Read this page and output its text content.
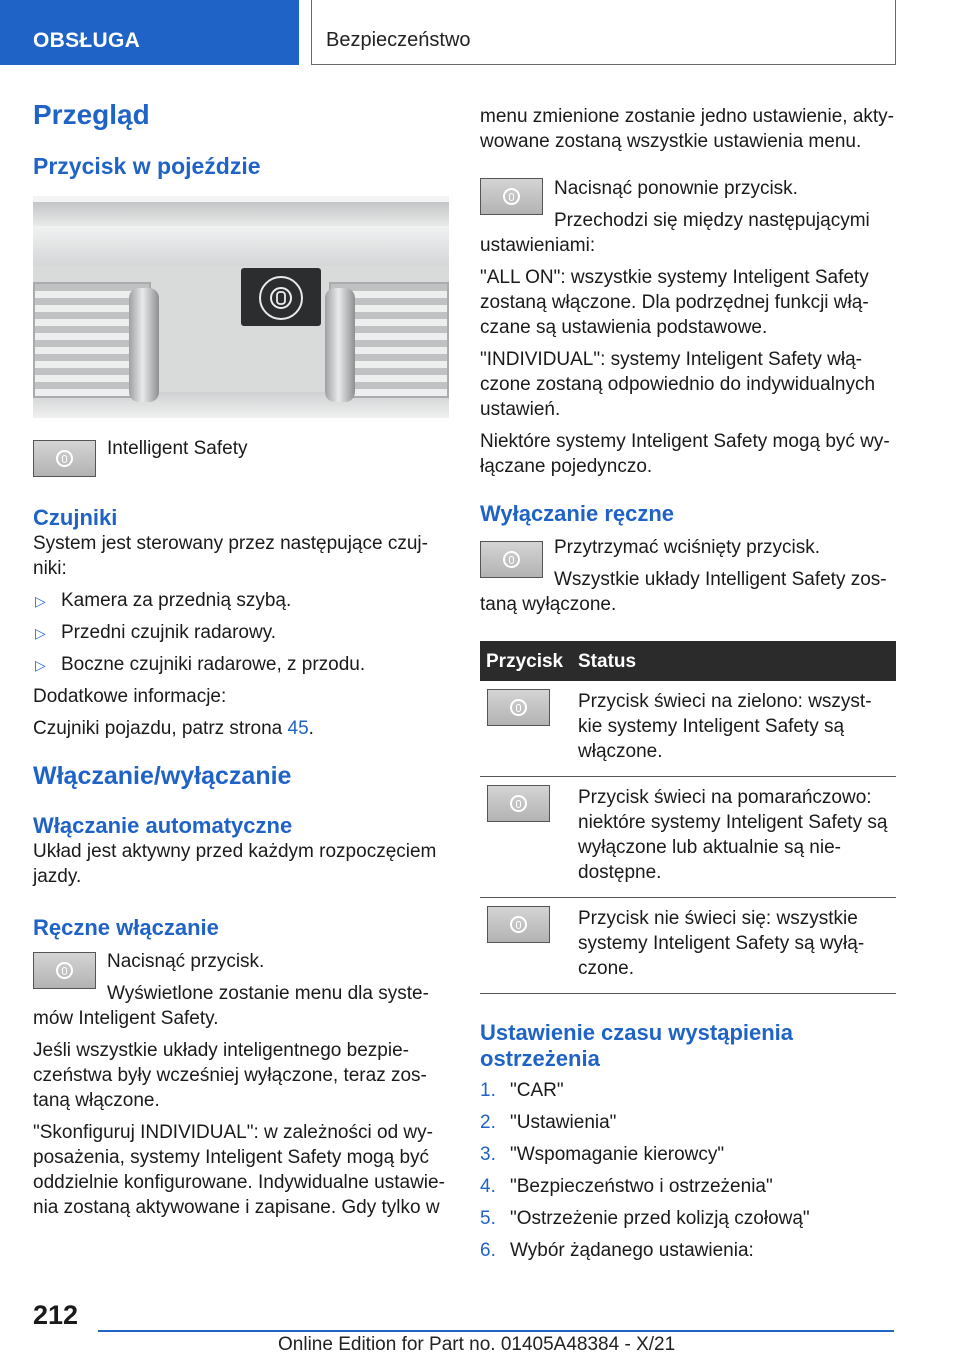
OBSŁUGA	Bezpieczeństwo
Przegląd
Przycisk w pojeździe

Intelligent Safety

Czujniki

System jest sterowany przez następujące czuj-niki:

▷ Kamera za przednią szybą.
▷ Przedni czujnik radarowy.
▷ Boczne czujniki radarowe, z przodu.

Dodatkowe informacje:

Czujniki pojazdu, patrz strona 45.

Włączanie/wyłączanie
Włączanie automatyczne

Układ jest aktywny przed każdym rozpoczęciem jazdy.

Ręczne włączanie

Nacisnąć przycisk.

Wyświetlone zostanie menu dla syste-mów Inteligent Safety.

Jeśli wszystkie układy inteligentnego bezpie-czeństwa były wcześniej wyłączone, teraz zos-taną włączone.

"Skonfiguruj INDIVIDUAL": w zależności od wy-posażenia, systemy Inteligent Safety mogą być oddzielnie konfigurowane. Indywidualne ustawie-nia zostaną aktywowane i zapisane. Gdy tylko w

menu zmienione zostanie jedno ustawienie, akty-wowane zostaną wszystkie ustawienia menu.

Nacisnąć ponownie przycisk.

Przechodzi się między następującymi ustawieniami:

"ALL ON": wszystkie systemy Inteligent Safety zostaną włączone. Dla podrzędnej funkcji włą-czane są ustawienia podstawowe.

"INDIVIDUAL": systemy Inteligent Safety włą-czone zostaną odpowiednio do indywidualnych ustawień.

Niektóre systemy Inteligent Safety mogą być wy-łączane pojedynczo.

Wyłączanie ręczne

Przytrzymać wciśnięty przycisk.

Wszystkie układy Intelligent Safety zos-taną wyłączone.

Przycisk	Status

	Przycisk świeci na zielono: wszyst-kie systemy Inteligent Safety są włączone.

	Przycisk świeci na pomarańczowo: niektóre systemy Inteligent Safety są wyłączone lub aktualnie są nie-dostępne.

	Przycisk nie świeci się: wszystkie systemy Inteligent Safety są wyłą-czone.
Ustawienie czasu wystąpienia ostrzeżenia
1. "CAR"
2. "Ustawienia"
3. "Wspomaganie kierowcy"
4. "Bezpieczeństwo i ostrzeżenia"
5. "Ostrzeżenie przed kolizją czołową"
6. Wybór żądanego ustawienia:
212
Online Edition for Part no. 01405A48384 - X/21
